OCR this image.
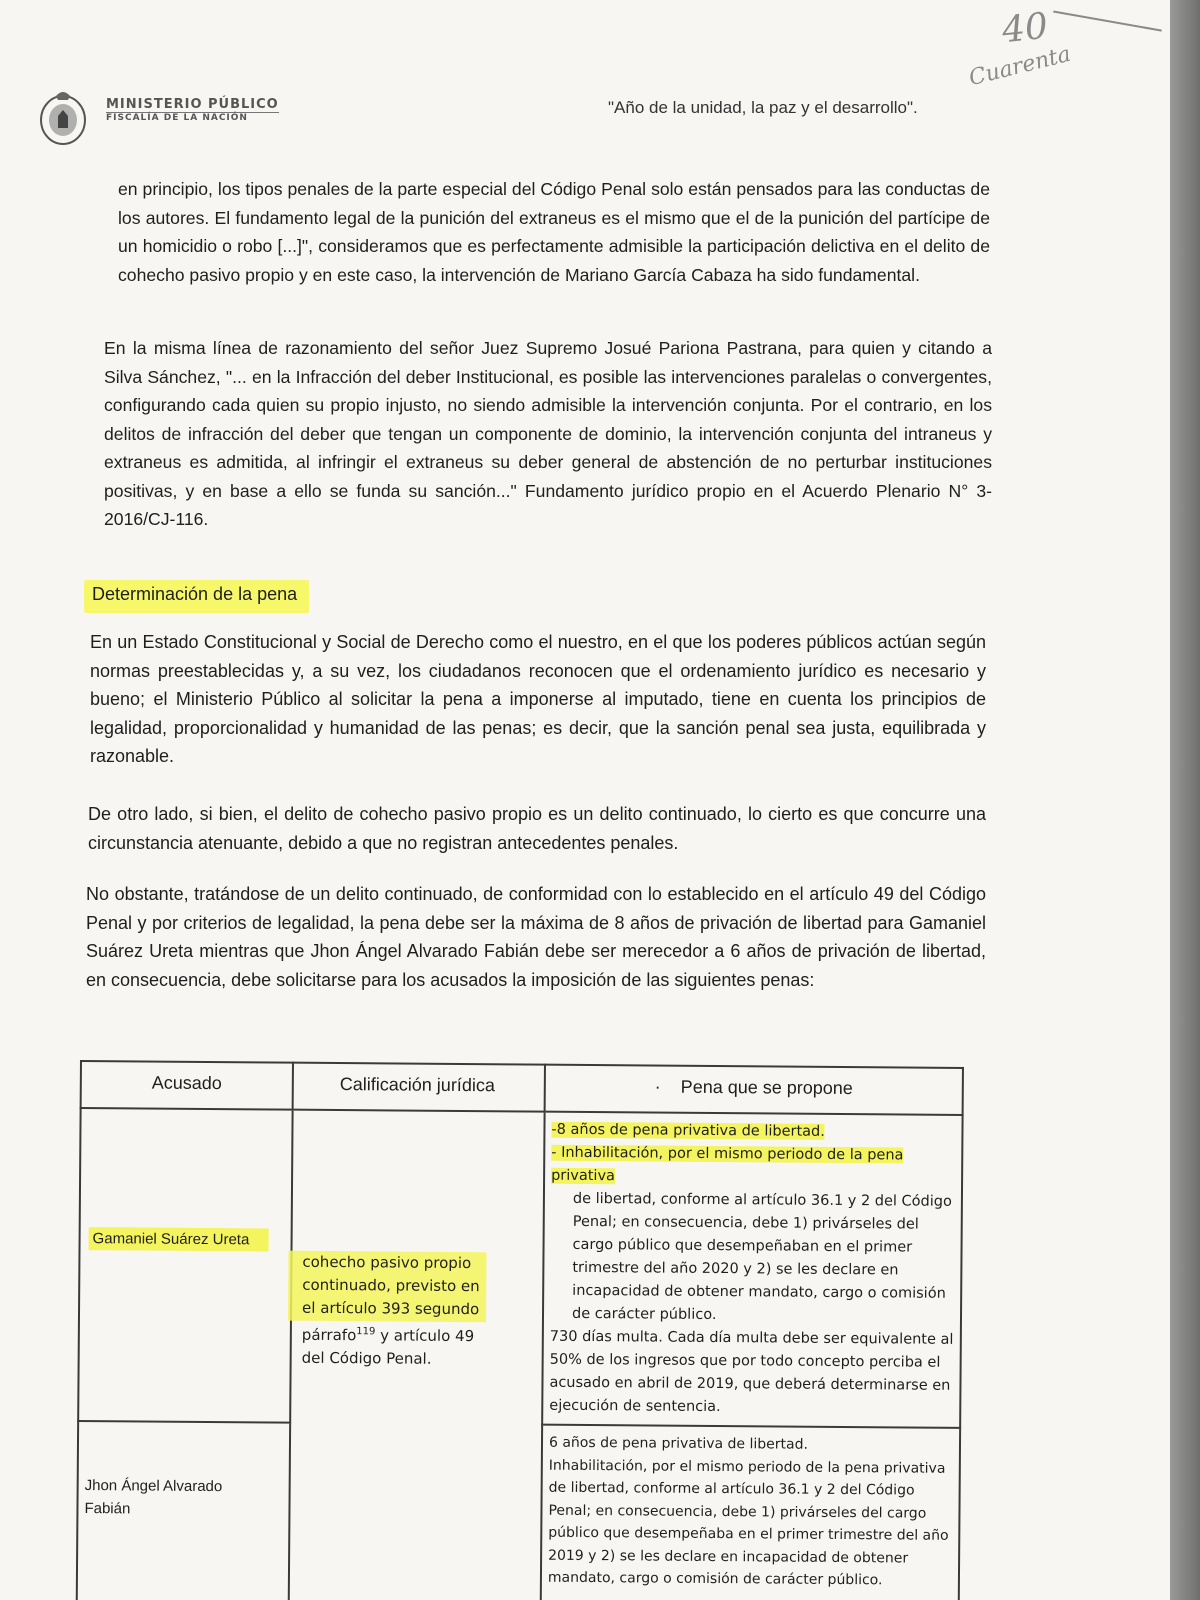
MINISTERIO PÚBLICO
FISCALÍA DE LA NACIÓN
"Año de la unidad, la paz y el desarrollo".
40
Cuarenta
en principio, los tipos penales de la parte especial del Código Penal solo están pensados para las conductas de los autores. El fundamento legal de la punición del extraneus es el mismo que el de la punición del partícipe de un homicidio o robo [...]", consideramos que es perfectamente admisible la participación delictiva en el delito de cohecho pasivo propio y en este caso, la intervención de Mariano García Cabaza ha sido fundamental.
En la misma línea de razonamiento del señor Juez Supremo Josué Pariona Pastrana, para quien y citando a Silva Sánchez, "... en la Infracción del deber Institucional, es posible las intervenciones paralelas o convergentes, configurando cada quien su propio injusto, no siendo admisible la intervención conjunta. Por el contrario, en los delitos de infracción del deber que tengan un componente de dominio, la intervención conjunta del intraneus y extraneus es admitida, al infringir el extraneus su deber general de abstención de no perturbar instituciones positivas, y en base a ello se funda su sanción..." Fundamento jurídico propio en el Acuerdo Plenario N° 3-2016/CJ-116.
Determinación de la pena
En un Estado Constitucional y Social de Derecho como el nuestro, en el que los poderes públicos actúan según normas preestablecidas y, a su vez, los ciudadanos reconocen que el ordenamiento jurídico es necesario y bueno; el Ministerio Público al solicitar la pena a imponerse al imputado, tiene en cuenta los principios de legalidad, proporcionalidad y humanidad de las penas; es decir, que la sanción penal sea justa, equilibrada y razonable.
De otro lado, si bien, el delito de cohecho pasivo propio es un delito continuado, lo cierto es que concurre una circunstancia atenuante, debido a que no registran antecedentes penales.
No obstante, tratándose de un delito continuado, de conformidad con lo establecido en el artículo 49 del Código Penal y por criterios de legalidad, la pena debe ser la máxima de 8 años de privación de libertad para Gamaniel Suárez Ureta mientras que Jhon Ángel Alvarado Fabián debe ser merecedor a 6 años de privación de libertad, en consecuencia, debe solicitarse para los acusados la imposición de las siguientes penas:
Acusado	Calificación jurídica	· Pena que se propone

Gamaniel Suárez Ureta	cohecho pasivo propio continuado, previsto en el artículo 393 segundo párrafo$^{119}$ y artículo 49 del Código Penal.	-8 años de pena privativa de libertad.

- Inhabilitación, por el mismo periodo de la pena privativa

de libertad, conforme al artículo 36.1 y 2 del Código Penal; en consecuencia, debe 1) privárseles del cargo público que desempeñaban en el primer trimestre del año 2020 y 2) se les declare en incapacidad de obtener mandato, cargo o comisión de carácter público.

730 días multa. Cada día multa debe ser equivalente al 50% de los ingresos que por todo concepto perciba el acusado en abril de 2019, que deberá determinarse en ejecución de sentencia.

Jhon Ángel Alvarado Fabián		6 años de pena privativa de libertad.

Inhabilitación, por el mismo periodo de la pena privativa de libertad, conforme al artículo 36.1 y 2 del Código Penal; en consecuencia, debe 1) privárseles del cargo público que desempeñaba en el primer trimestre del año 2019 y 2) se les declare en incapacidad de obtener mandato, cargo o comisión de carácter público.
